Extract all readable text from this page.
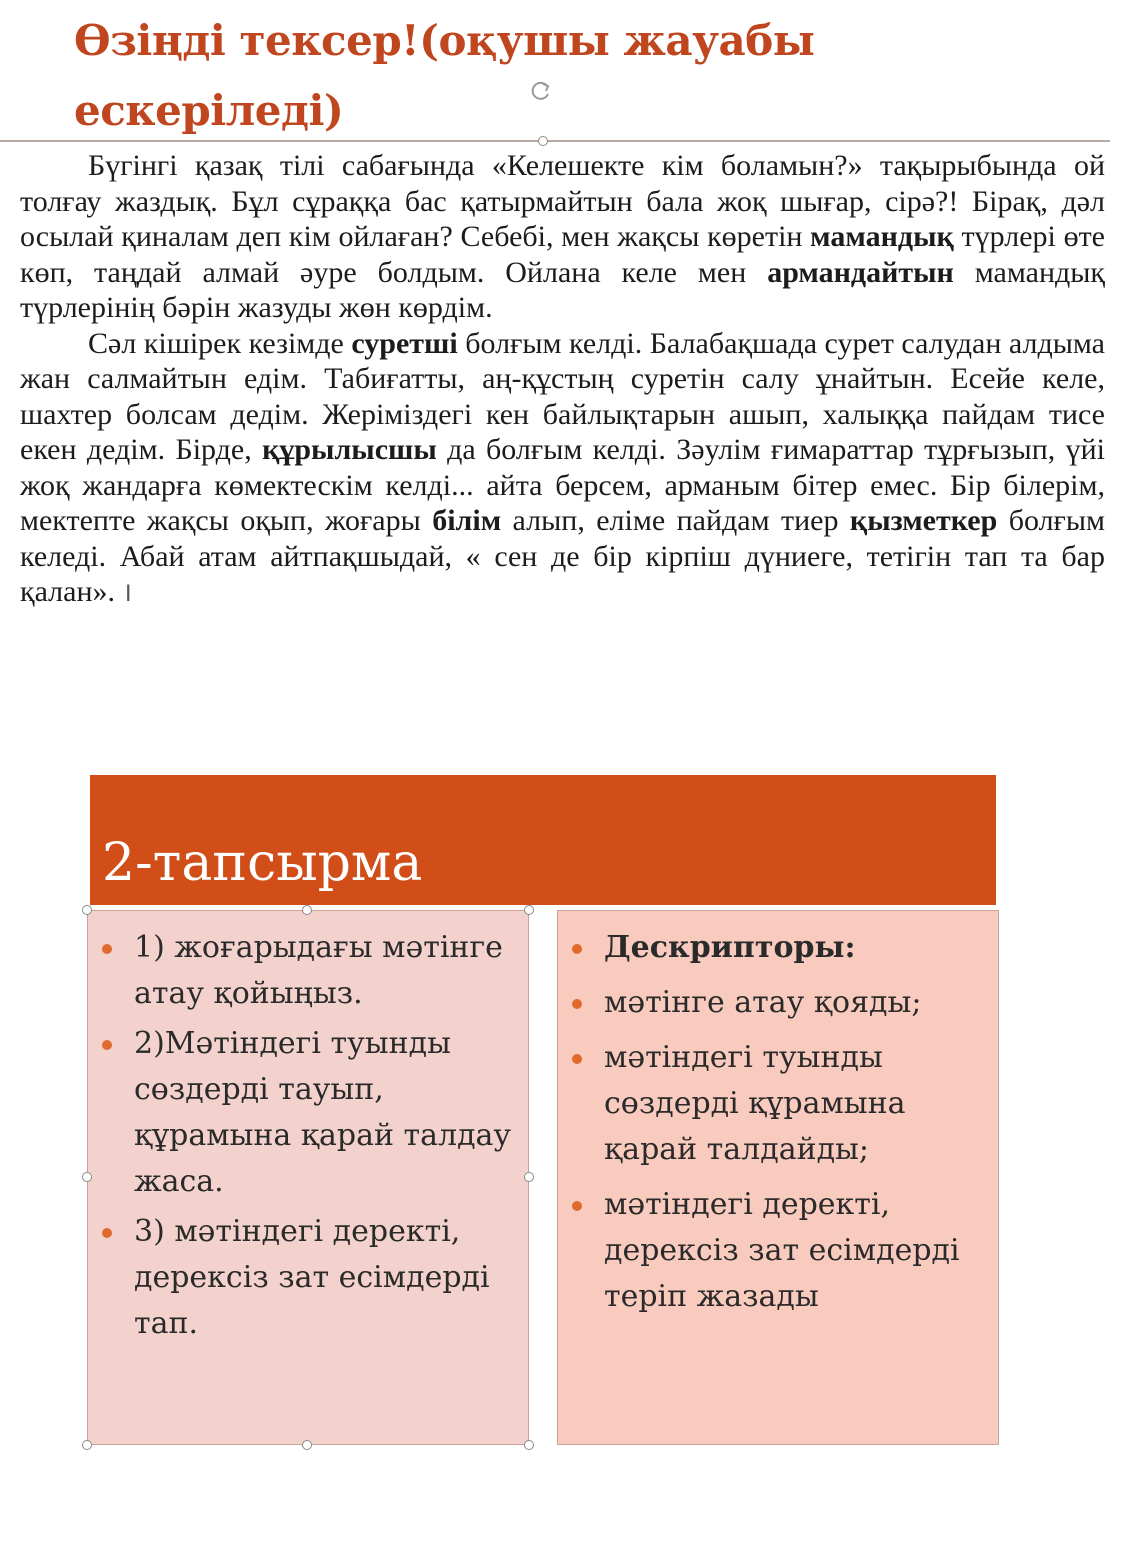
Өзіңді тексер!(оқушы жауабы ескеріледі)

Бүгінгі қазақ тілі сабағында «Келешекте кім боламын?» тақырыбында ой толғау жаздық. Бұл сұраққа бас қатырмайтын бала жоқ шығар, сірә?! Бірақ, дәл осылай қиналам деп кім ойлаған? Себебі, мен жақсы көретін мамандық түрлері өте көп, таңдай алмай әуре болдым. Ойлана келе мен армандайтын мамандық түрлерінің бәрін жазуды жөн көрдім.

Сәл кішірек кезімде суретші болғым келді. Балабақшада сурет салудан алдыма жан салмайтын едім. Табиғатты, аң-құстың суретін салу ұнайтын. Есейе келе, шахтер болсам дедім. Жеріміздегі кен байлықтарын ашып, халыққа пайдам тисе екен дедім. Бірде, құрылысшы да болғым келді. Зәулім ғимараттар тұрғызып, үйі жоқ жандарға көмектескім келді... айта берсем, арманым бітер емес. Бір білерім, мектепте жақсы оқып, жоғары білім алып, еліме пайдам тиер қызметкер болғым келеді. Абай атам айтпақшыдай, « сен де бір кірпіш дүниеге, тетігін тап та бар қалан». I

2-тапсырма
1) жоғарыдағы мәтінге атау қойыңыз.
2)Мәтіндегі туынды сөздерді тауып, құрамына қарай талдау жаса.
3) мәтіндегі деректі, дерексіз зат есімдерді тап.
Дескрипторы:
мәтінге атау қояды;
мәтіндегі туынды сөздерді құрамына қарай талдайды;
мәтіндегі деректі, дерексіз зат есімдерді теріп жазады
